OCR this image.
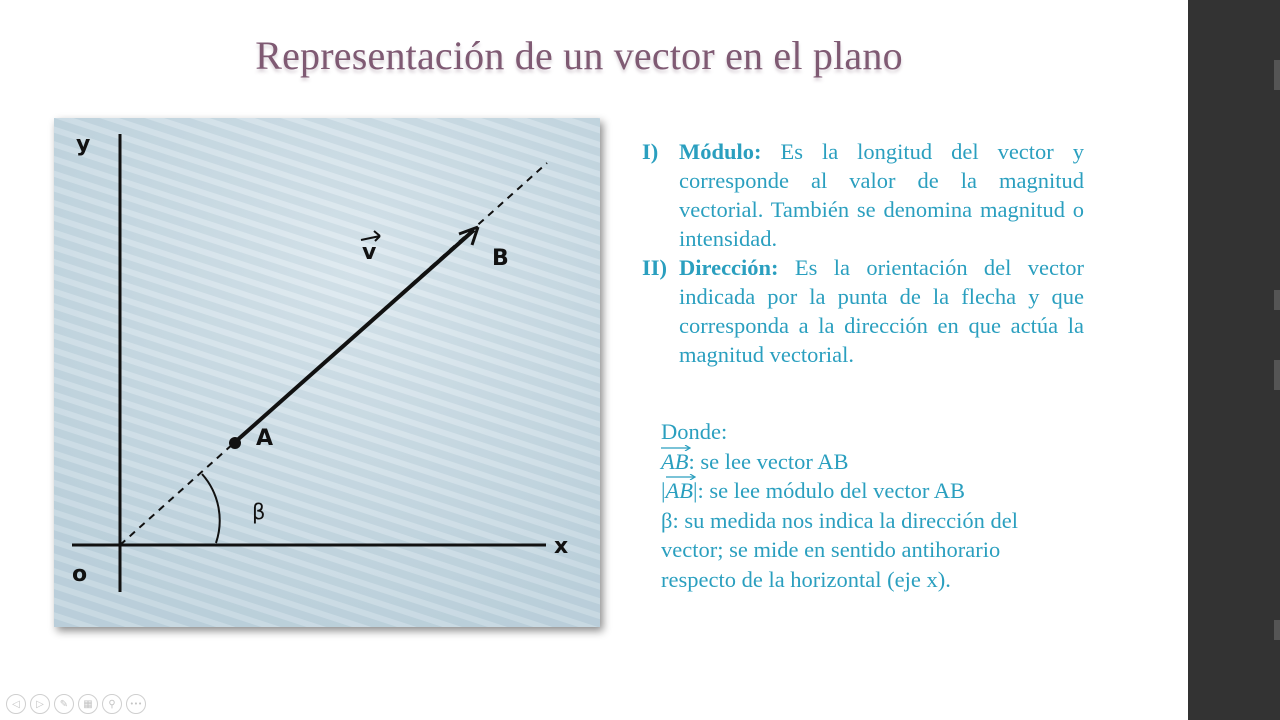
Representación de un vector en el plano
y
x
o
A
B
v
β
I) Módulo: Es la longitud del vector y corresponde al valor de la magnitud vectorial. También se denomina magnitud o intensidad.
II) Dirección: Es la orientación del vector indicada por la punta de la flecha y que corresponda a la dirección en que actúa la magnitud vectorial.
Donde:
AB: se lee vector AB
|
AB|: se lee módulo del vector AB
β: su medida nos indica la dirección del
vector; se mide en sentido antihorario
respecto de la horizontal (eje x).
◁	▷	✎	▦	⚲	•••
